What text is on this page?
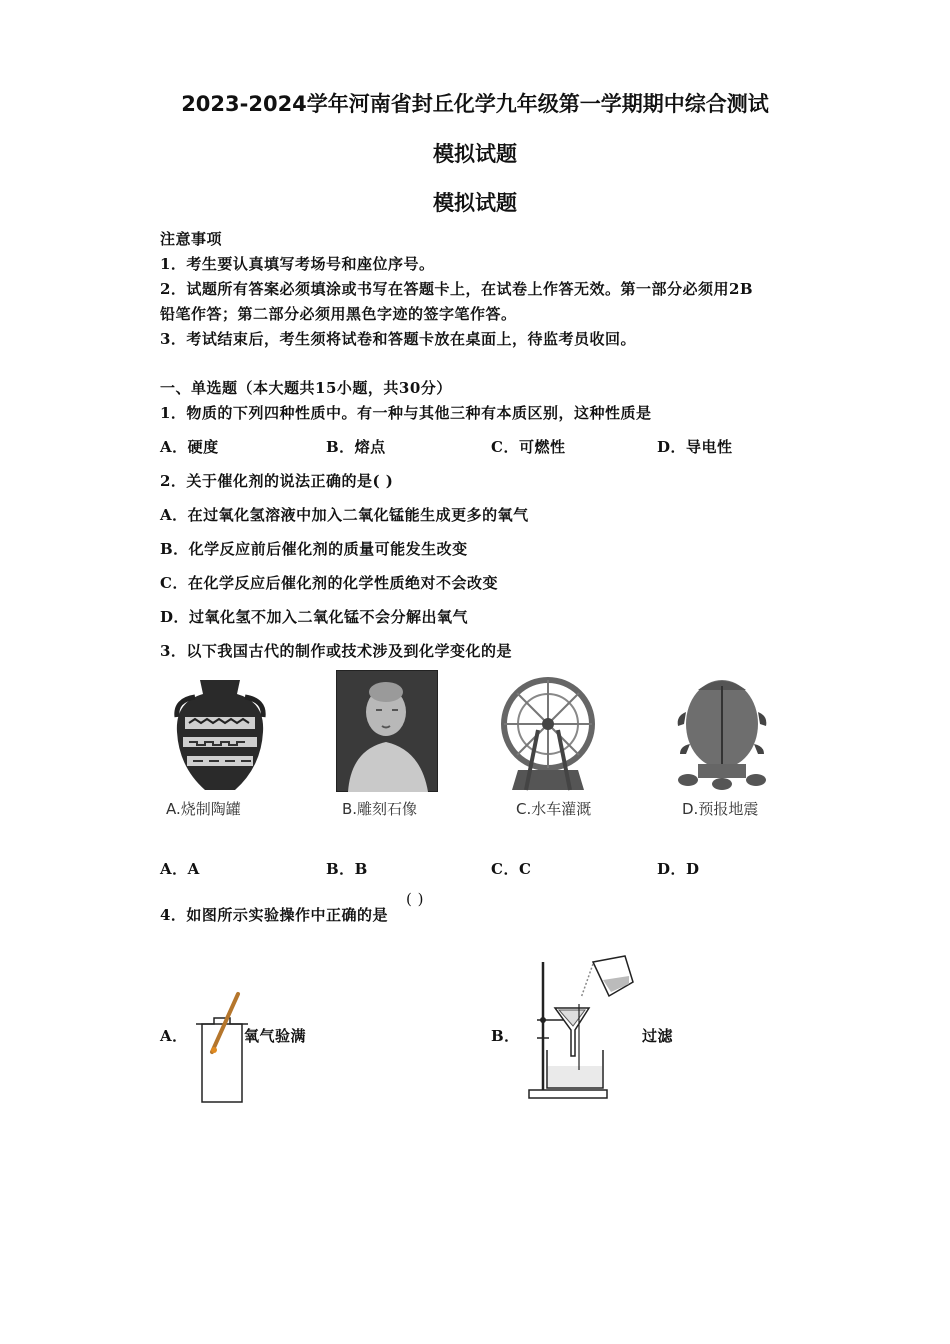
2023-2024学年河南省封丘化学九年级第一学期期中综合测试
模拟试题
模拟试题
注意事项
1．考生要认真填写考场号和座位序号。
2．试题所有答案必须填涂或书写在答题卡上，在试卷上作答无效。第一部分必须用2B
铅笔作答；第二部分必须用黑色字迹的签字笔作答。
3．考试结束后，考生须将试卷和答题卡放在桌面上，待监考员收回。
一、单选题（本大题共15小题，共30分）
1．物质的下列四种性质中。有一种与其他三种有本质区别，这种性质是
A．硬度	B．熔点	C．可燃性	D．导电性
2．关于催化剂的说法正确的是( )
A．在过氧化氢溶液中加入二氧化锰能生成更多的氧气
B．化学反应前后催化剂的质量可能发生改变
C．在化学反应后催化剂的化学性质绝对不会改变
D．过氧化氢不加入二氧化锰不会分解出氧气
3．以下我国古代的制作或技术涉及到化学变化的是
A.烧制陶罐	B.雕刻石像	C.水车灌溉	D.预报地震
A．A	B．B	C．C	D．D
4．如图所示实验操作中正确的是
( )
A．	氧气验满	B．	过滤
